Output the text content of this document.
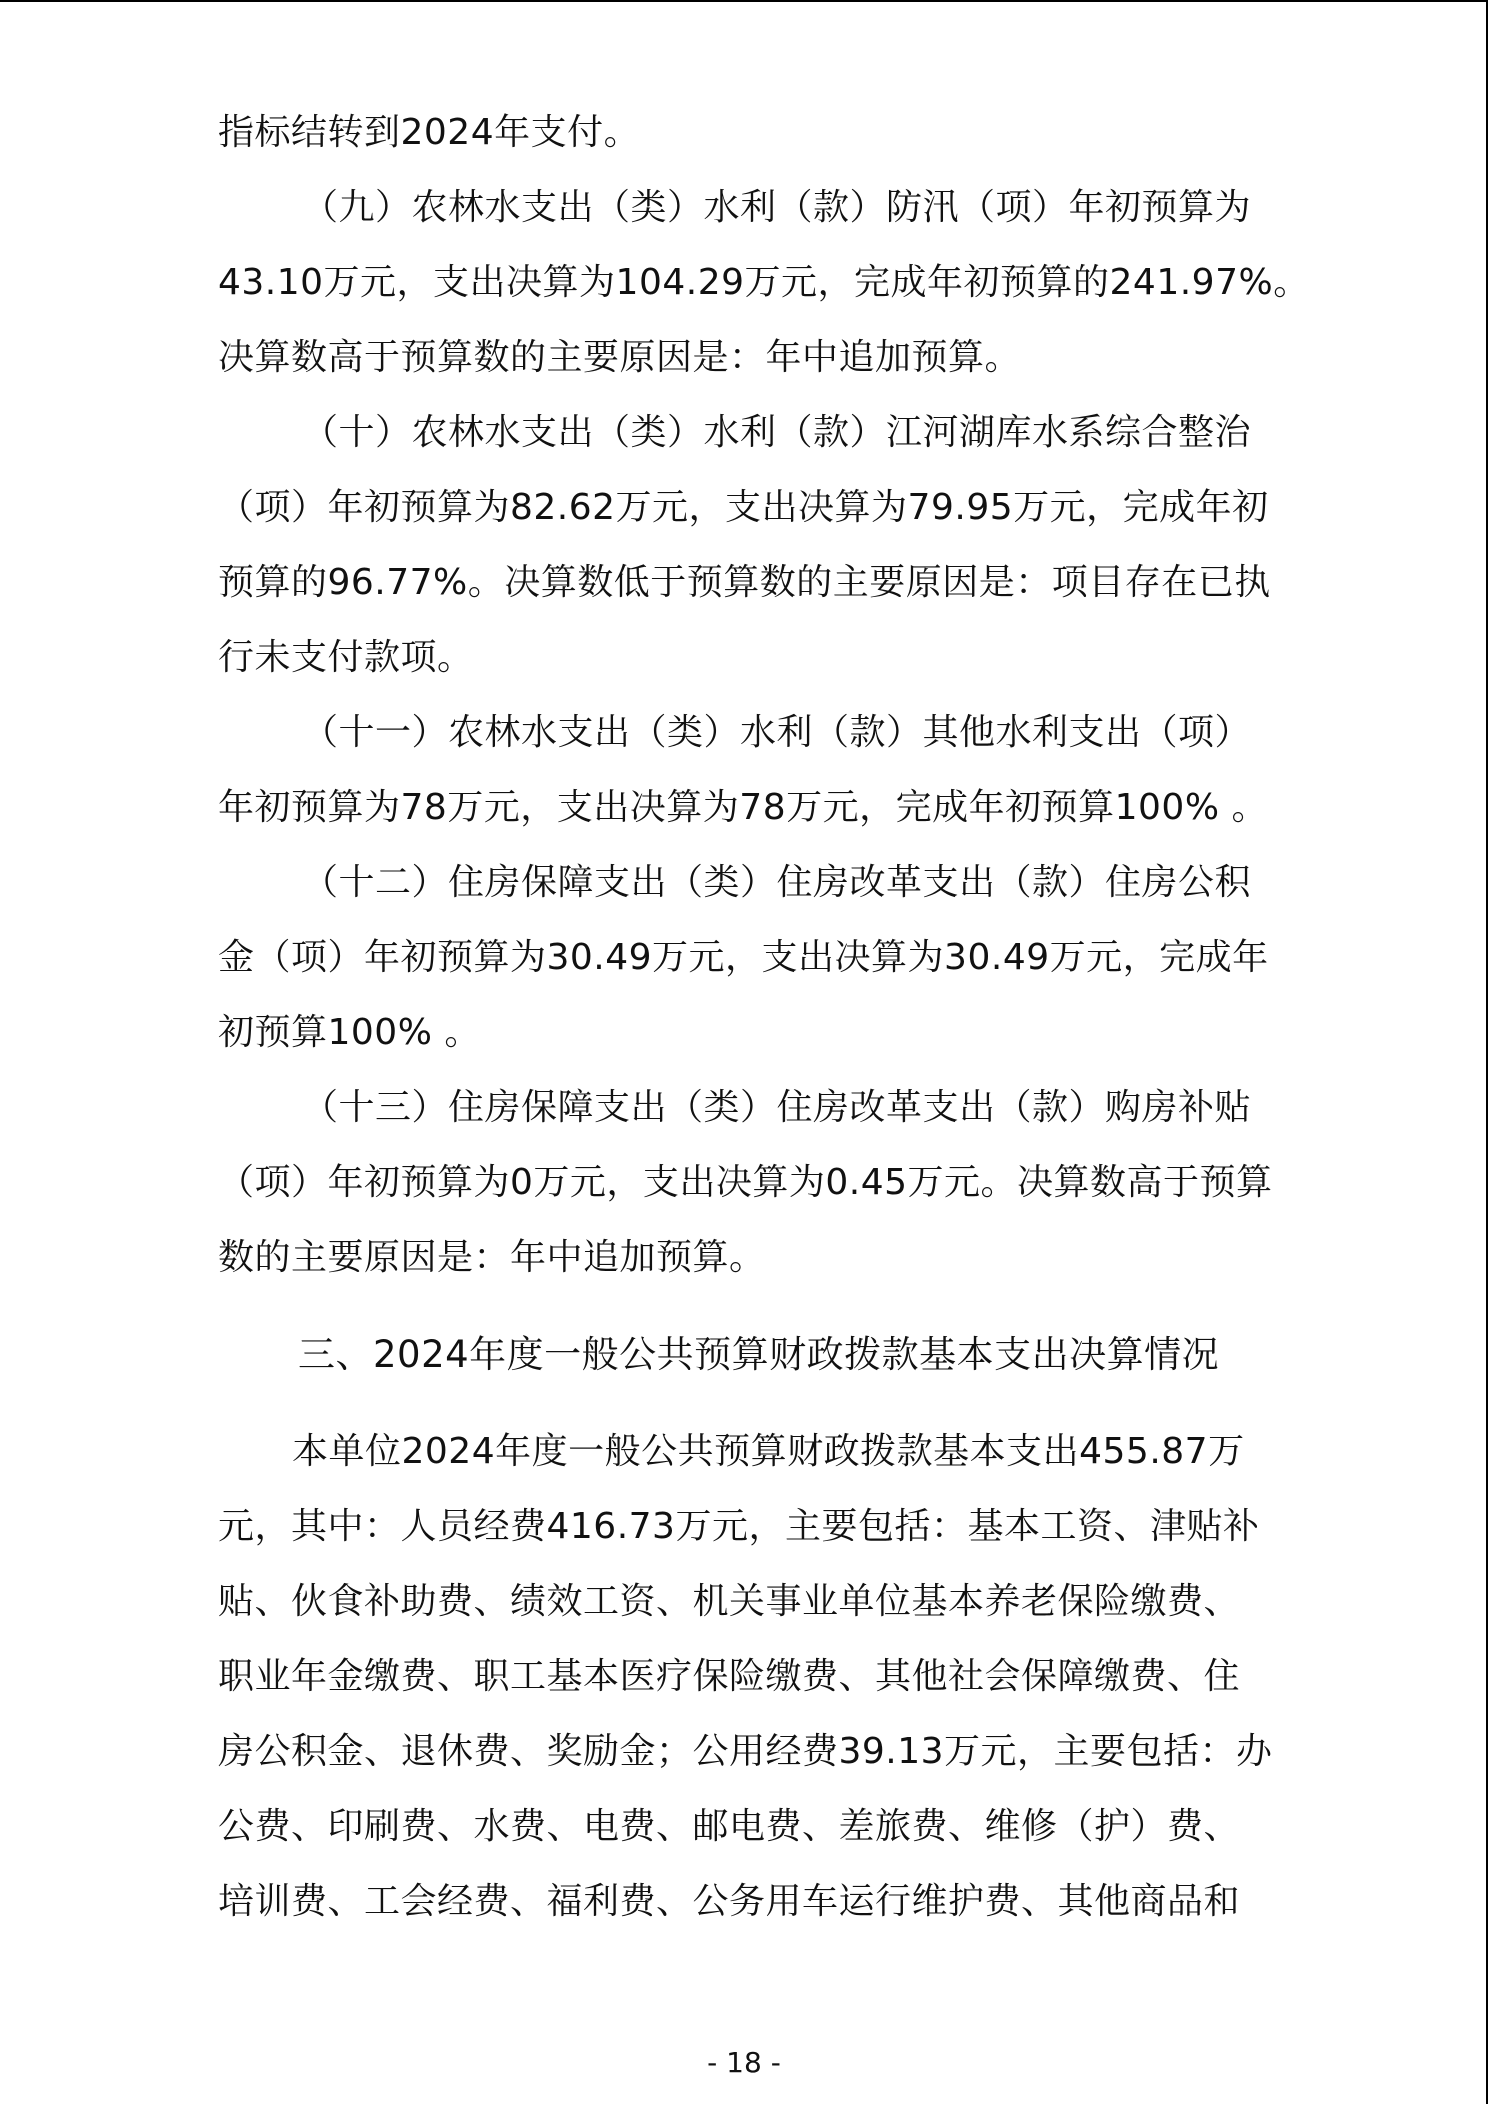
指标结转到2024年支付。
（九）农林水支出（类）水利（款）防汛（项）年初预算为
43.10万元，支出决算为104.29万元，完成年初预算的241.97%。
决算数高于预算数的主要原因是：年中追加预算。
（十）农林水支出（类）水利（款）江河湖库水系综合整治
（项）年初预算为82.62万元，支出决算为79.95万元，完成年初
预算的96.77%。决算数低于预算数的主要原因是：项目存在已执
行未支付款项。
（十一）农林水支出（类）水利（款）其他水利支出（项）
年初预算为78万元，支出决算为78万元，完成年初预算100% 。
（十二）住房保障支出（类）住房改革支出（款）住房公积
金（项）年初预算为30.49万元，支出决算为30.49万元，完成年
初预算100% 。
（十三）住房保障支出（类）住房改革支出（款）购房补贴
（项）年初预算为0万元，支出决算为0.45万元。决算数高于预算
数的主要原因是：年中追加预算。
三、2024年度一般公共预算财政拨款基本支出决算情况
本单位2024年度一般公共预算财政拨款基本支出455.87万
元，其中：人员经费416.73万元，主要包括：基本工资、津贴补
贴、伙食补助费、绩效工资、机关事业单位基本养老保险缴费、
职业年金缴费、职工基本医疗保险缴费、其他社会保障缴费、住
房公积金、退休费、奖励金；公用经费39.13万元，主要包括：办
公费、印刷费、水费、电费、邮电费、差旅费、维修（护）费、
培训费、工会经费、福利费、公务用车运行维护费、其他商品和
- 18 -
